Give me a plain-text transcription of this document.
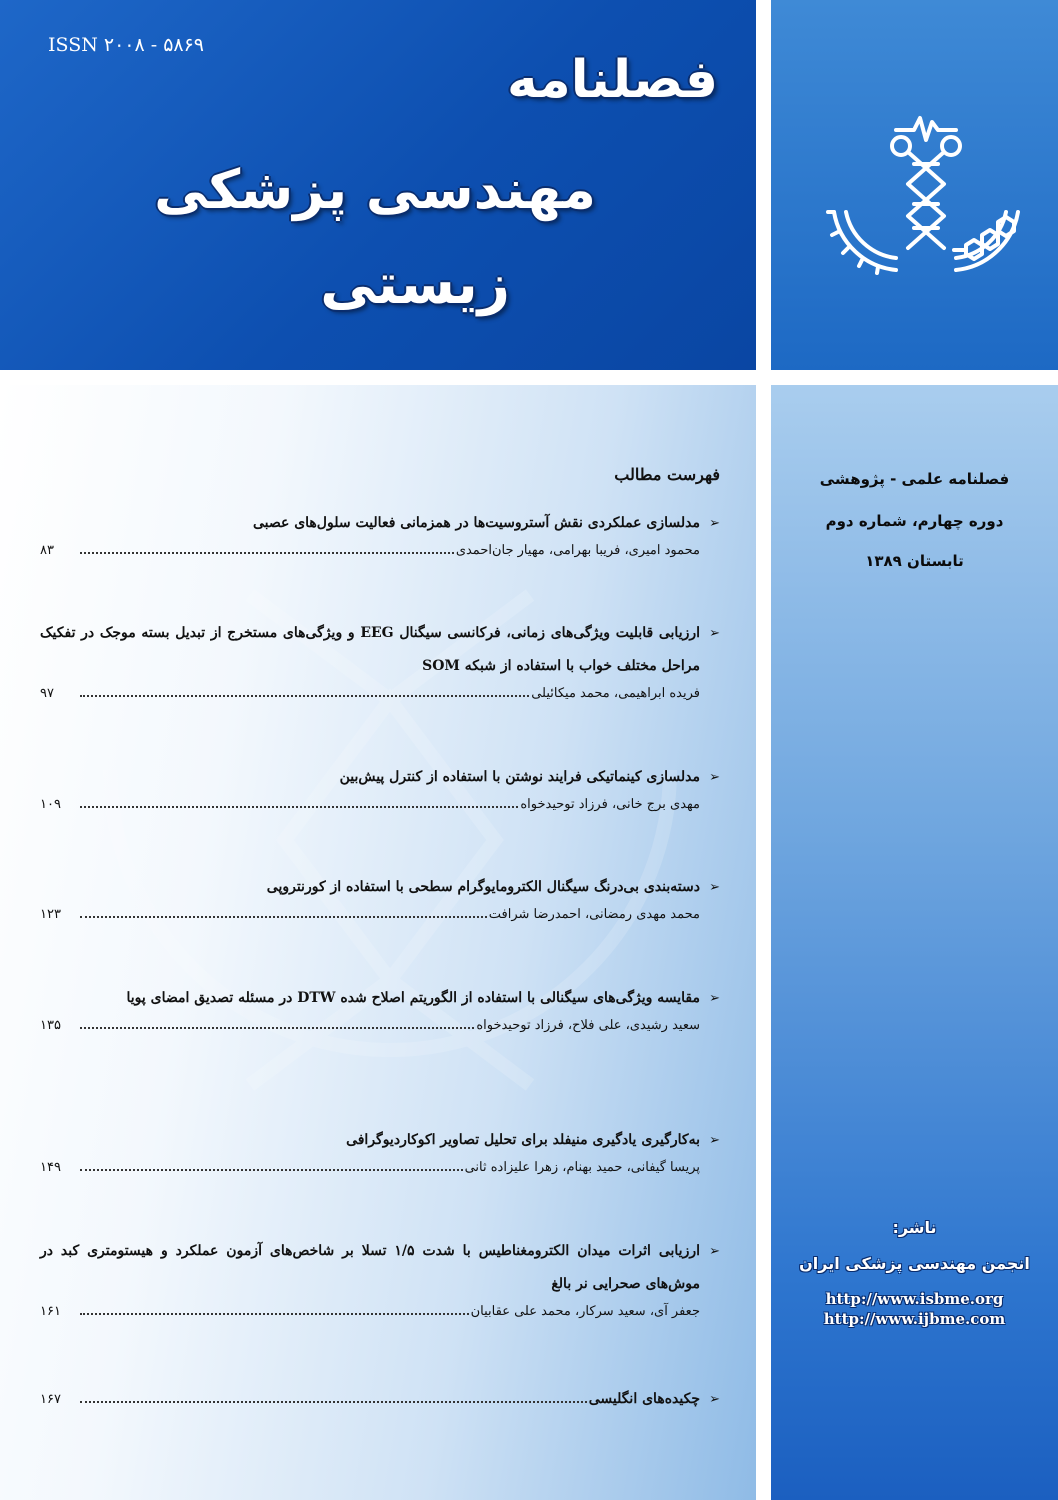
ISSN ۲۰۰۸ - ۵۸۶۹
فصلنامه
مهندسی پزشکی
زیستی
فهرست مطالب
➢
مدلسازی عملکردی نقش آستروسیت‌ها در همزمانی فعالیت سلول‌های عصبی
محمود امیری، فریبا بهرامی، مهیار جان‌احمدی
۸۳
➢
ارزیابی قابلیت ویژگی‌های زمانی، فرکانسی سیگنال EEG و ویژگی‌های مستخرج از تبدیل بسته موجک در تفکیک مراحل مختلف خواب با استفاده از شبکه SOM
فریده ابراهیمی، محمد میکائیلی
۹۷
➢
مدلسازی کینماتیکی فرایند نوشتن با استفاده از کنترل پیش‌بین
مهدی برج خانی، فرزاد توحیدخواه
۱۰۹
➢
دسته‌بندی بی‌درنگ سیگنال الکترومایوگرام سطحی با استفاده از کورنتروپی
محمد مهدی رمضانی، احمدرضا شرافت
۱۲۳
➢
مقایسه ویژگی‌های سیگنالی با استفاده از الگوریتم اصلاح شده DTW در مسئله تصدیق امضای پویا
سعید رشیدی، علی فلاح، فرزاد توحیدخواه
۱۳۵
➢
به‌کارگیری یادگیری منیفلد برای تحلیل تصاویر اکوکاردیوگرافی
پریسا گیفانی، حمید بهنام، زهرا علیزاده ثانی
۱۴۹
➢
ارزیابی اثرات میدان الکترومغناطیس با شدت ۱/۵ تسلا بر شاخص‌های آزمون عملکرد و هیستومتری کبد در موش‌های صحرایی نر بالغ
جعفر آی، سعید سرکار، محمد علی عقابیان
۱۶۱
➢
چکیده‌های انگلیسی
۱۶۷
فصلنامه علمی - پژوهشی
دوره چهارم، شماره دوم
تابستان ۱۳۸۹
ناشر:
انجمن مهندسی پزشکی ایران
http://www.isbme.org
http://www.ijbme.com
